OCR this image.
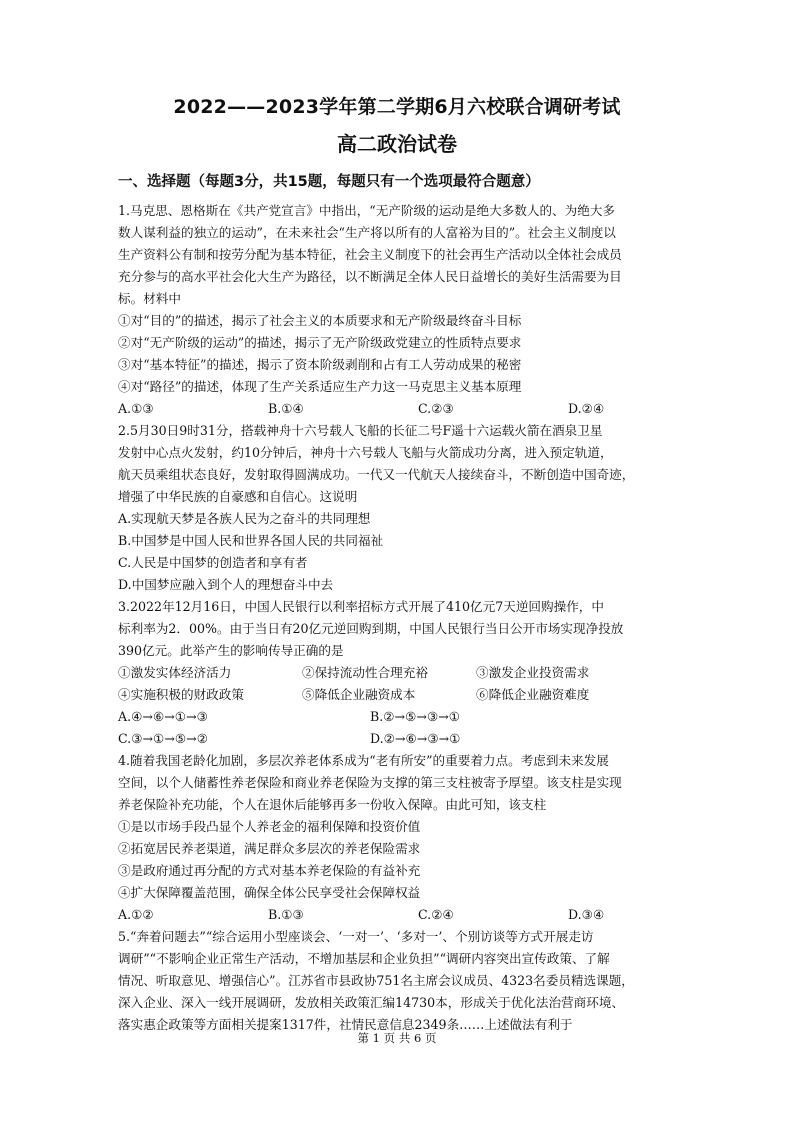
2022——2023学年第二学期6月六校联合调研考试
高二政治试卷
一、选择题（每题3分，共15题，每题只有一个选项最符合题意）
1.马克思、恩格斯在《共产党宣言》中指出，“无产阶级的运动是绝大多数人的、为绝大多
数人谋利益的独立的运动”，在未来社会“生产将以所有的人富裕为目的”。社会主义制度以
生产资料公有制和按劳分配为基本特征，社会主义制度下的社会再生产活动以全体社会成员
充分参与的高水平社会化大生产为路径，以不断满足全体人民日益增长的美好生活需要为目
标。材料中
①对“目的”的描述，揭示了社会主义的本质要求和无产阶级最终奋斗目标
②对“无产阶级的运动”的描述，揭示了无产阶级政党建立的性质特点要求
③对“基本特征”的描述，揭示了资本阶级剥削和占有工人劳动成果的秘密
④对“路径”的描述，体现了生产关系适应生产力这一马克思主义基本原理
A.①③	B.①④	C.②③	D.②④
2.5月30日9时31分，搭载神舟十六号载人飞船的长征二号F遥十六运载火箭在酒泉卫星
发射中心点火发射，约10分钟后，神舟十六号载人飞船与火箭成功分离，进入预定轨道，
航天员乘组状态良好，发射取得圆满成功。一代又一代航天人接续奋斗，不断创造中国奇迹，
增强了中华民族的自豪感和自信心。这说明
A.实现航天梦是各族人民为之奋斗的共同理想
B.中国梦是中国人民和世界各国人民的共同福祉
C.人民是中国梦的创造者和享有者
D.中国梦应融入到个人的理想奋斗中去
3.2022年12月16日，中国人民银行以利率招标方式开展了410亿元7天逆回购操作，中
标利率为2．00%。由于当日有20亿元逆回购到期，中国人民银行当日公开市场实现净投放
390亿元。此举产生的影响传导正确的是
①激发实体经济活力	②保持流动性合理充裕	③激发企业投资需求
④实施积极的财政政策	⑤降低企业融资成本	⑥降低企业融资难度
A.④→⑥→①→③	B.②→⑤→③→①
C.③→①→⑤→②	D.②→⑥→③→①
4.随着我国老龄化加剧，多层次养老体系成为“老有所安”的重要着力点。考虑到未来发展
空间，以个人储蓄性养老保险和商业养老保险为支撑的第三支柱被寄予厚望。该支柱是实现
养老保险补充功能，个人在退休后能够再多一份收入保障。由此可知，该支柱
①是以市场手段凸显个人养老金的福利保障和投资价值
②拓宽居民养老渠道，满足群众多层次的养老保险需求
③是政府通过再分配的方式对基本养老保险的有益补充
④扩大保障覆盖范围，确保全体公民享受社会保障权益
A.①②	B.①③	C.②④	D.③④
5.“奔着问题去”“综合运用小型座谈会、‘一对一’、‘多对一’、个别访谈等方式开展走访
调研”“不影响企业正常生产活动，不增加基层和企业负担”“调研内容突出宣传政策、了解
情况、听取意见、增强信心”。江苏省市县政协751名主席会议成员、4323名委员精选课题，
深入企业、深入一线开展调研，发放相关政策汇编14730本，形成关于优化法治营商环境、
落实惠企政策等方面相关提案1317件，社情民意信息2349条……上述做法有利于
第 1 页 共 6 页
